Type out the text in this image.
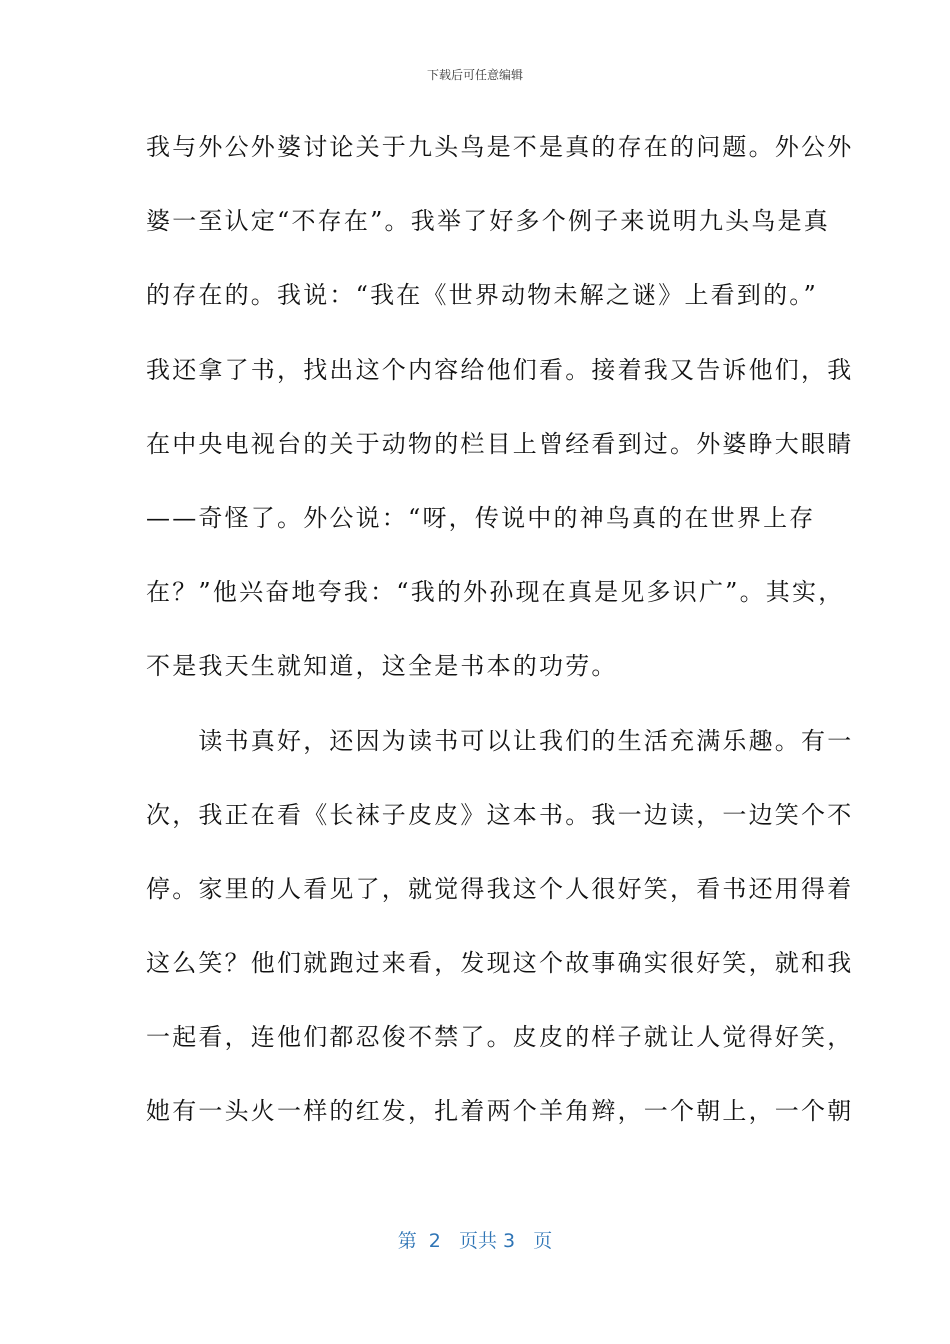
下载后可任意编辑
我与外公外婆讨论关于九头鸟是不是真的存在的问题。外公外
婆一至认定“不存在”。我举了好多个例子来说明九头鸟是真
的存在的。我说：“我在《世界动物未解之谜》上看到的。”
我还拿了书，找出这个内容给他们看。接着我又告诉他们，我
在中央电视台的关于动物的栏目上曾经看到过。外婆睁大眼睛
——奇怪了。外公说：“呀，传说中的神鸟真的在世界上存
在？”他兴奋地夸我：“我的外孙现在真是见多识广”。其实，
不是我天生就知道，这全是书本的功劳。
　　读书真好，还因为读书可以让我们的生活充满乐趣。有一
次，我正在看《长袜子皮皮》这本书。我一边读，一边笑个不
停。家里的人看见了，就觉得我这个人很好笑，看书还用得着
这么笑？他们就跑过来看，发现这个故事确实很好笑，就和我
一起看，连他们都忍俊不禁了。皮皮的样子就让人觉得好笑，
她有一头火一样的红发，扎着两个羊角辫，一个朝上，一个朝
第  2   页共 3   页
